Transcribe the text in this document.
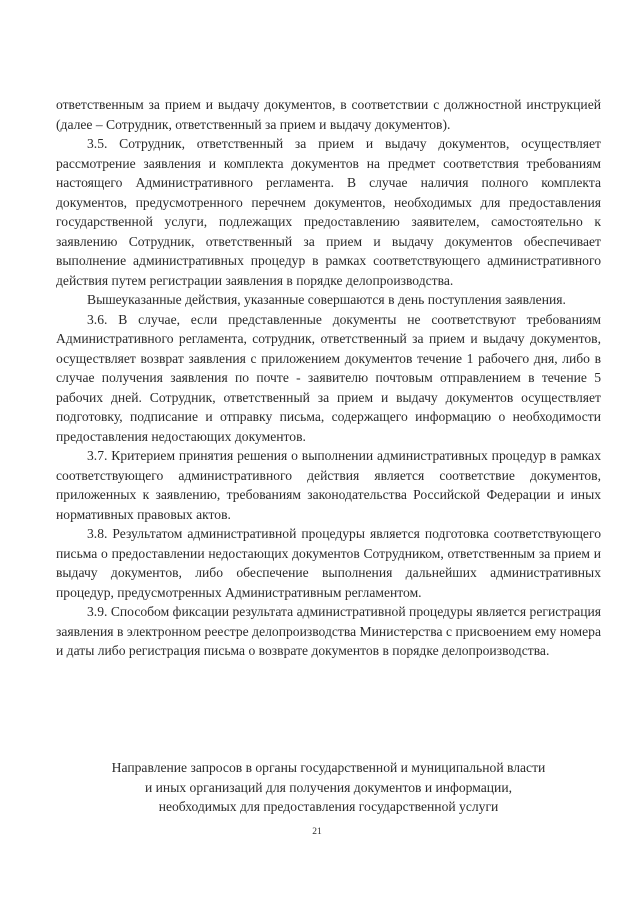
ответственным за прием и выдачу документов, в соответствии с должностной инструкцией (далее – Сотрудник, ответственный за прием и выдачу документов).

3.5. Сотрудник, ответственный за прием и выдачу документов, осуществляет рассмотрение заявления и комплекта документов на предмет соответствия требованиям настоящего Административного регламента. В случае наличия полного комплекта документов, предусмотренного перечнем документов, необходимых для предоставления государственной услуги, подлежащих предоставлению заявителем, самостоятельно к заявлению Сотрудник, ответственный за прием и выдачу документов обеспечивает выполнение административных процедур в рамках соответствующего административного действия путем регистрации заявления в порядке делопроизводства.

Вышеуказанные действия, указанные совершаются в день поступления заявления.

3.6. В случае, если представленные документы не соответствуют требованиям Административного регламента, сотрудник, ответственный за прием и выдачу документов, осуществляет возврат заявления с приложением документов течение 1 рабочего дня, либо в случае получения заявления по почте - заявителю почтовым отправлением в течение 5 рабочих дней. Сотрудник, ответственный за прием и выдачу документов осуществляет подготовку, подписание и отправку письма, содержащего информацию о необходимости предоставления недостающих документов.

3.7. Критерием принятия решения о выполнении административных процедур в рамках соответствующего административного действия является соответствие документов, приложенных к заявлению, требованиям законодательства Российской Федерации и иных нормативных правовых актов.

3.8. Результатом административной процедуры является подготовка соответствующего письма о предоставлении недостающих документов Сотрудником, ответственным за прием и выдачу документов, либо обеспечение выполнения дальнейших административных процедур, предусмотренных Административным регламентом.

3.9. Способом фиксации результата административной процедуры является регистрация заявления в электронном реестре делопроизводства Министерства с присвоением ему номера и даты либо регистрация письма о возврате документов в порядке делопроизводства.

Направление запросов в органы государственной и муниципальной власти
и иных организаций для получения документов и информации,
необходимых для предоставления государственной услуги
21
